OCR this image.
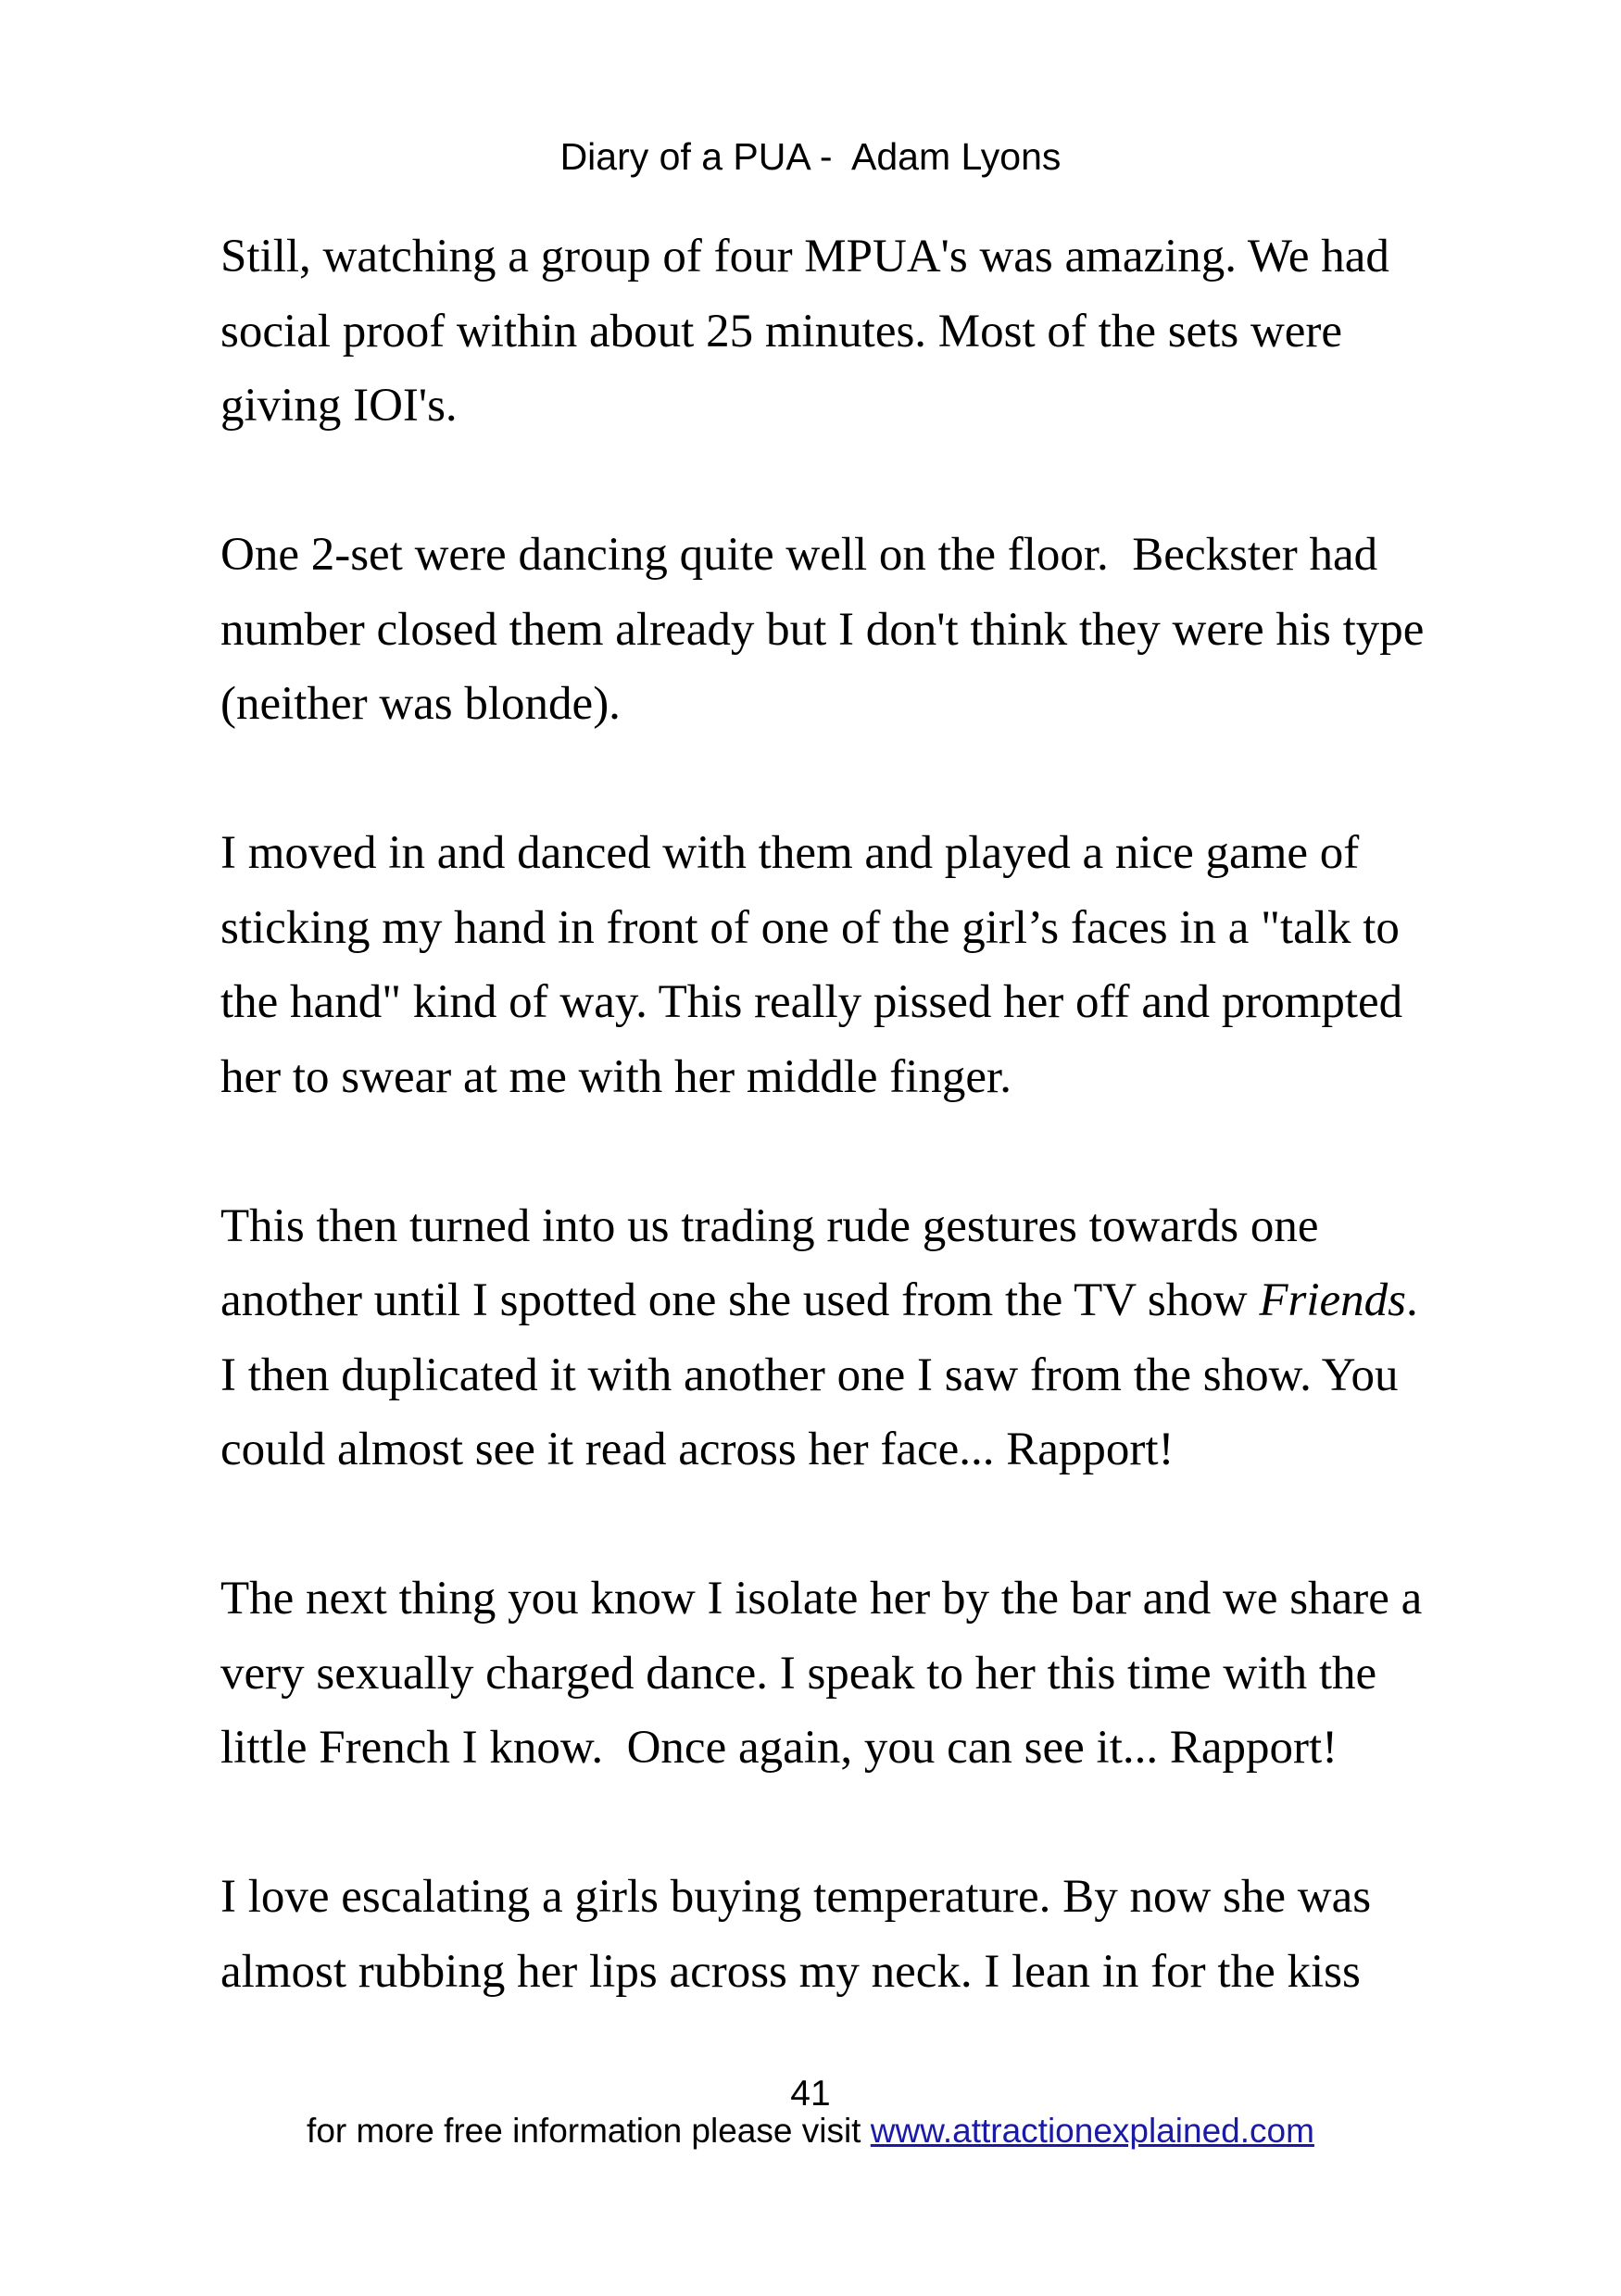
Diary of a PUA -  Adam Lyons

Still, watching a group of four MPUA's was amazing. We had
social proof within about 25 minutes. Most of the sets were
giving IOI's.

One 2-set were dancing quite well on the floor.  Beckster had
number closed them already but I don't think they were his type
(neither was blonde).

I moved in and danced with them and played a nice game of
sticking my hand in front of one of the girl’s faces in a "talk to
the hand" kind of way. This really pissed her off and prompted
her to swear at me with her middle finger.

This then turned into us trading rude gestures towards one
another until I spotted one she used from the TV show Friends.
I then duplicated it with another one I saw from the show. You
could almost see it read across her face... Rapport!

The next thing you know I isolate her by the bar and we share a
very sexually charged dance. I speak to her this time with the
little French I know.  Once again, you can see it... Rapport!

I love escalating a girls buying temperature. By now she was
almost rubbing her lips across my neck. I lean in for the kiss

41
for more free information please visit www.attractionexplained.com
